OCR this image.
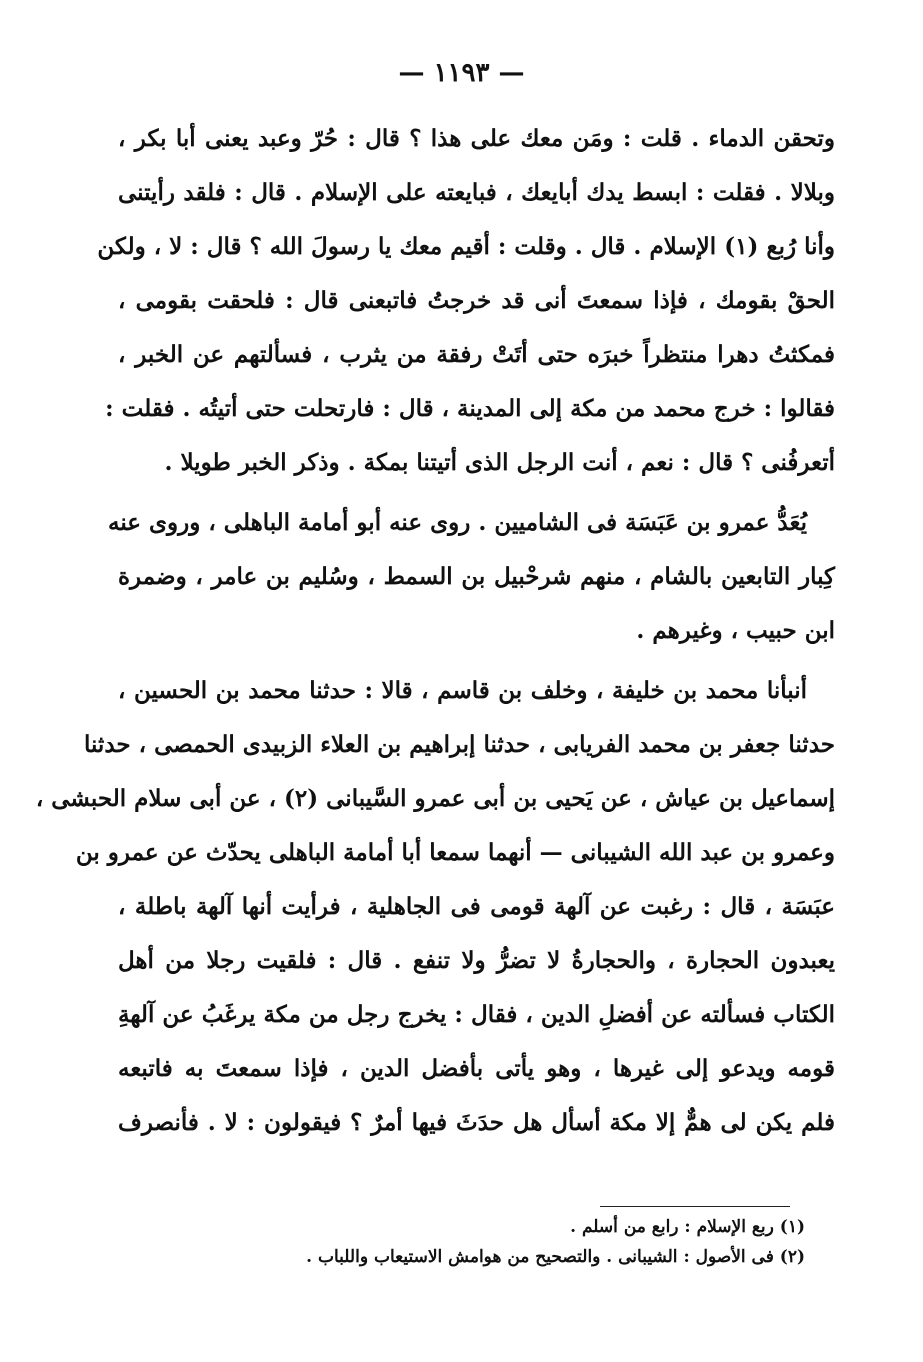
— ١١٩٣ —
وتحقن الدماء . قلت : ومَن معك على هذا ؟ قال : حُرّ وعبد يعنى أبا بكر ،
وبلالا . فقلت : ابسط يدك أبايعك ، فبايعته على الإسلام . قال : فلقد رأيتنى
وأنا رُبع (١) الإسلام . قال . وقلت : أقيم معك يا رسولَ الله ؟ قال : لا ، ولكن
الحقْ بقومك ، فإذا سمعتَ أنى قد خرجتُ فاتبعنى قال : فلحقت بقومى ،
فمكثتُ دهرا منتظراً خبرَه حتى أتَتْ رفقة من يثرب ، فسألتهم عن الخبر ،
فقالوا : خرج محمد من مكة إلى المدينة ، قال : فارتحلت حتى أتيتُه . فقلت :
أتعرفُنى ؟ قال : نعم ، أنت الرجل الذى أتيتنا بمكة . وذكر الخبر طويلا .
يُعَدُّ عمرو بن عَبَسَة فى الشاميين . روى عنه أبو أمامة الباهلى ، وروى عنه
كِبار التابعين بالشام ، منهم شرحْبيل بن السمط ، وسُليم بن عامر ، وضمرة
ابن حبيب ، وغيرهم .
أنبأنا محمد بن خليفة ، وخلف بن قاسم ، قالا : حدثنا محمد بن الحسين ،
حدثنا جعفر بن محمد الفريابى ، حدثنا إبراهيم بن العلاء الزبيدى الحمصى ، حدثنا
إسماعيل بن عياش ، عن يَحيى بن أبى عمرو السَّيبانى (٢) ، عن أبى سلام الحبشى ،
وعمرو بن عبد الله الشيبانى — أنهما سمعا أبا أمامة الباهلى يحدّث عن عمرو بن
عبَسَة ، قال : رغبت عن آلهة قومى فى الجاهلية ، فرأيت أنها آلهة باطلة ،
يعبدون الحجارة ، والحجارةُ لا تضرُّ ولا تنفع . قال : فلقيت رجلا من أهل
الكتاب فسألته عن أفضلِ الدين ، فقال : يخرج رجل من مكة يرغَبُ عن آلهةِ
قومه ويدعو إلى غيرها ، وهو يأتى بأفضل الدين ، فإذا سمعتَ به فاتبعه
فلم يكن لى همٌّ إلا مكة أسأل هل حدَثَ فيها أمرٌ ؟ فيقولون : لا . فأنصرف
(١) ربع الإسلام : رابع من أسلم .
(٢) فى الأصول : الشيبانى . والتصحيح من هوامش الاستيعاب واللباب .
